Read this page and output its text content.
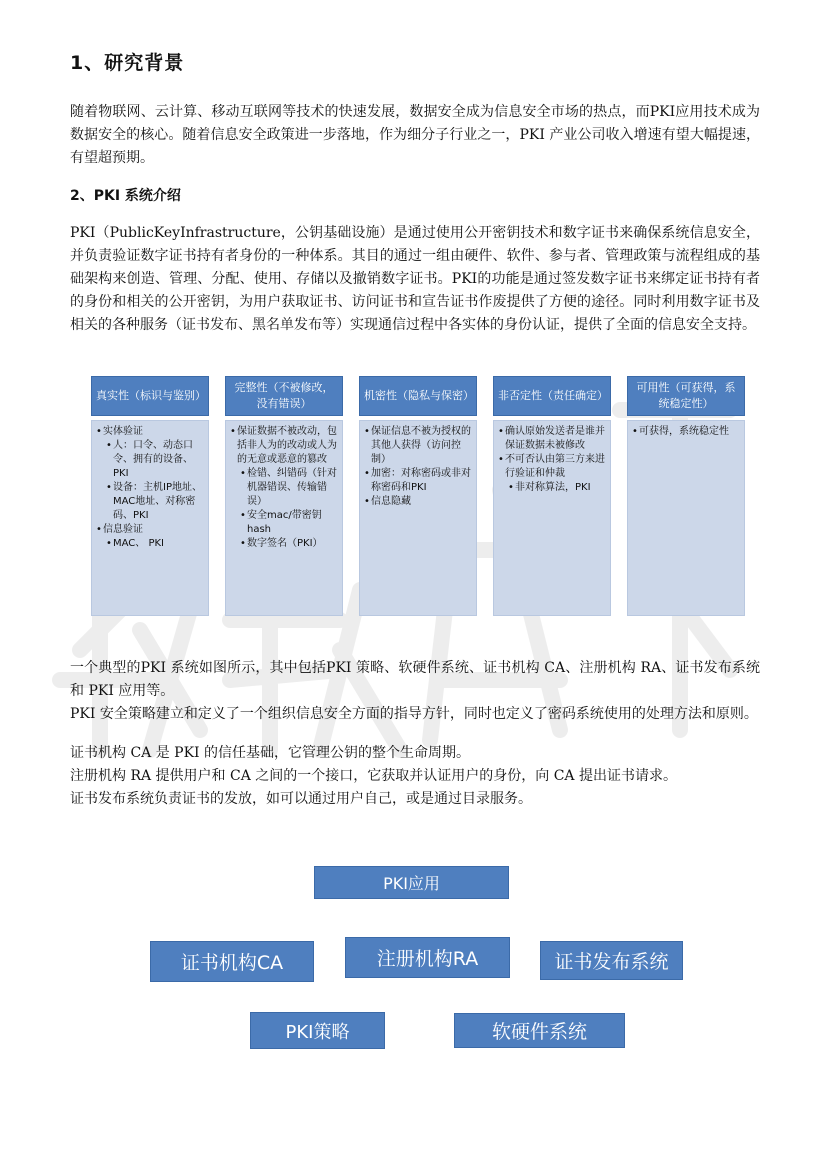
1、研究背景

随着物联网、云计算、移动互联网等技术的快速发展，数据安全成为信息安全市场的热点，而PKI应用技术成为数据安全的核心。随着信息安全政策进一步落地，作为细分子行业之一，PKI 产业公司收入增速有望大幅提速，有望超预期。

2、PKI 系统介绍

PKI（PublicKeyInfrastructure，公钥基础设施）是通过使用公开密钥技术和数字证书来确保系统信息安全，并负责验证数字证书持有者身份的一种体系。其目的通过一组由硬件、软件、参与者、管理政策与流程组成的基础架构来创造、管理、分配、使用、存储以及撤销数字证书。PKI的功能是通过签发数字证书来绑定证书持有者的身份和相关的公开密钥，为用户获取证书、访问证书和宣告证书作废提供了方便的途径。同时利用数字证书及相关的各种服务（证书发布、黑名单发布等）实现通信过程中各实体的身份认证，提供了全面的信息安全支持。

真实性（标识与鉴别）
• 实体验证
• 人：口令、动态口令、拥有的设备、PKI
• 设备：主机IP地址、MAC地址、对称密码、PKI
• 信息验证
• MAC、 PKI
完整性（不被修改，没有错误）
• 保证数据不被改动，包括非人为的改动或人为的无意或恶意的篡改
• 检错、纠错码（针对机器错误、传输错误）
• 安全mac/带密钥hash
• 数字签名（PKI）
机密性（隐私与保密）
• 保证信息不被为授权的其他人获得（访问控制）
• 加密：对称密码或非对称密码和PKI
• 信息隐藏
非否定性（责任确定）
• 确认原始发送者是谁并保证数据未被修改
• 不可否认由第三方来进行验证和仲裁
• 非对称算法，PKI
可用性（可获得，系统稳定性）
• 可获得，系统稳定性

一个典型的PKI 系统如图所示，其中包括PKI 策略、软硬件系统、证书机构 CA、注册机构 RA、证书发布系统和 PKI 应用等。

PKI 安全策略建立和定义了一个组织信息安全方面的指导方针，同时也定义了密码系统使用的处理方法和原则。

证书机构 CA 是 PKI 的信任基础，它管理公钥的整个生命周期。

注册机构 RA 提供用户和 CA 之间的一个接口，它获取并认证用户的身份，向 CA 提出证书请求。

证书发布系统负责证书的发放，如可以通过用户自己，或是通过目录服务。

PKI应用
证书机构CA	注册机构RA	证书发布系统
PKI策略	软硬件系统
